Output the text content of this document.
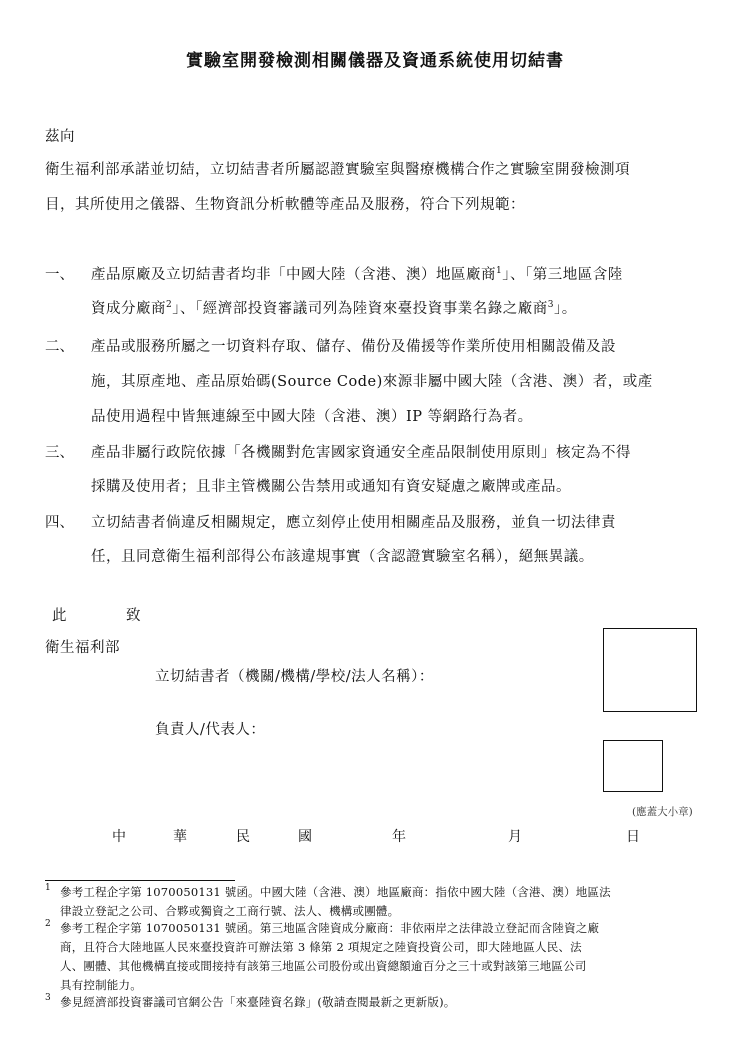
實驗室開發檢測相關儀器及資通系統使用切結書
茲向
衛生福利部承諾並切結，立切結書者所屬認證實驗室與醫療機構合作之實驗室開發檢測項
目，其所使用之儀器、生物資訊分析軟體等產品及服務，符合下列規範：
一、 產品原廠及立切結書者均非「中國大陸（含港、澳）地區廠商$^1$」、「第三地區含陸
資成分廠商$^2$」、「經濟部投資審議司列為陸資來臺投資事業名錄之廠商$^3$」。
二、 產品或服務所屬之一切資料存取、儲存、備份及備援等作業所使用相關設備及設
施，其原產地、產品原始碼(Source Code)來源非屬中國大陸（含港、澳）者，或產
品使用過程中皆無連線至中國大陸（含港、澳）IP 等網路行為者。
三、 產品非屬行政院依據「各機關對危害國家資通安全產品限制使用原則」核定為不得
採購及使用者；且非主管機關公告禁用或通知有資安疑慮之廠牌或產品。
四、 立切結書者倘違反相關規定，應立刻停止使用相關產品及服務，並負一切法律責
任，且同意衛生福利部得公布該違規事實（含認證實驗室名稱），絕無異議。
此	致
衛生福利部
立切結書者（機關/機構/學校/法人名稱）：
負責人/代表人：
(應蓋大小章)
中	華	民	國	年	月	日
$^1$ 參考工程企字第 1070050131 號函。中國大陸（含港、澳）地區廠商：指依中國大陸（含港、澳）地區法
律設立登記之公司、合夥或獨資之工商行號、法人、機構或團體。
$^2$ 參考工程企字第 1070050131 號函。第三地區含陸資成分廠商：非依兩岸之法律設立登記而含陸資之廠
商，且符合大陸地區人民來臺投資許可辦法第 3 條第 2 項規定之陸資投資公司，即大陸地區人民、法
人、團體、其他機構直接或間接持有該第三地區公司股份或出資總額逾百分之三十或對該第三地區公司
具有控制能力。
$^3$ 參見經濟部投資審議司官網公告「來臺陸資名錄」(敬請查閱最新之更新版)。
